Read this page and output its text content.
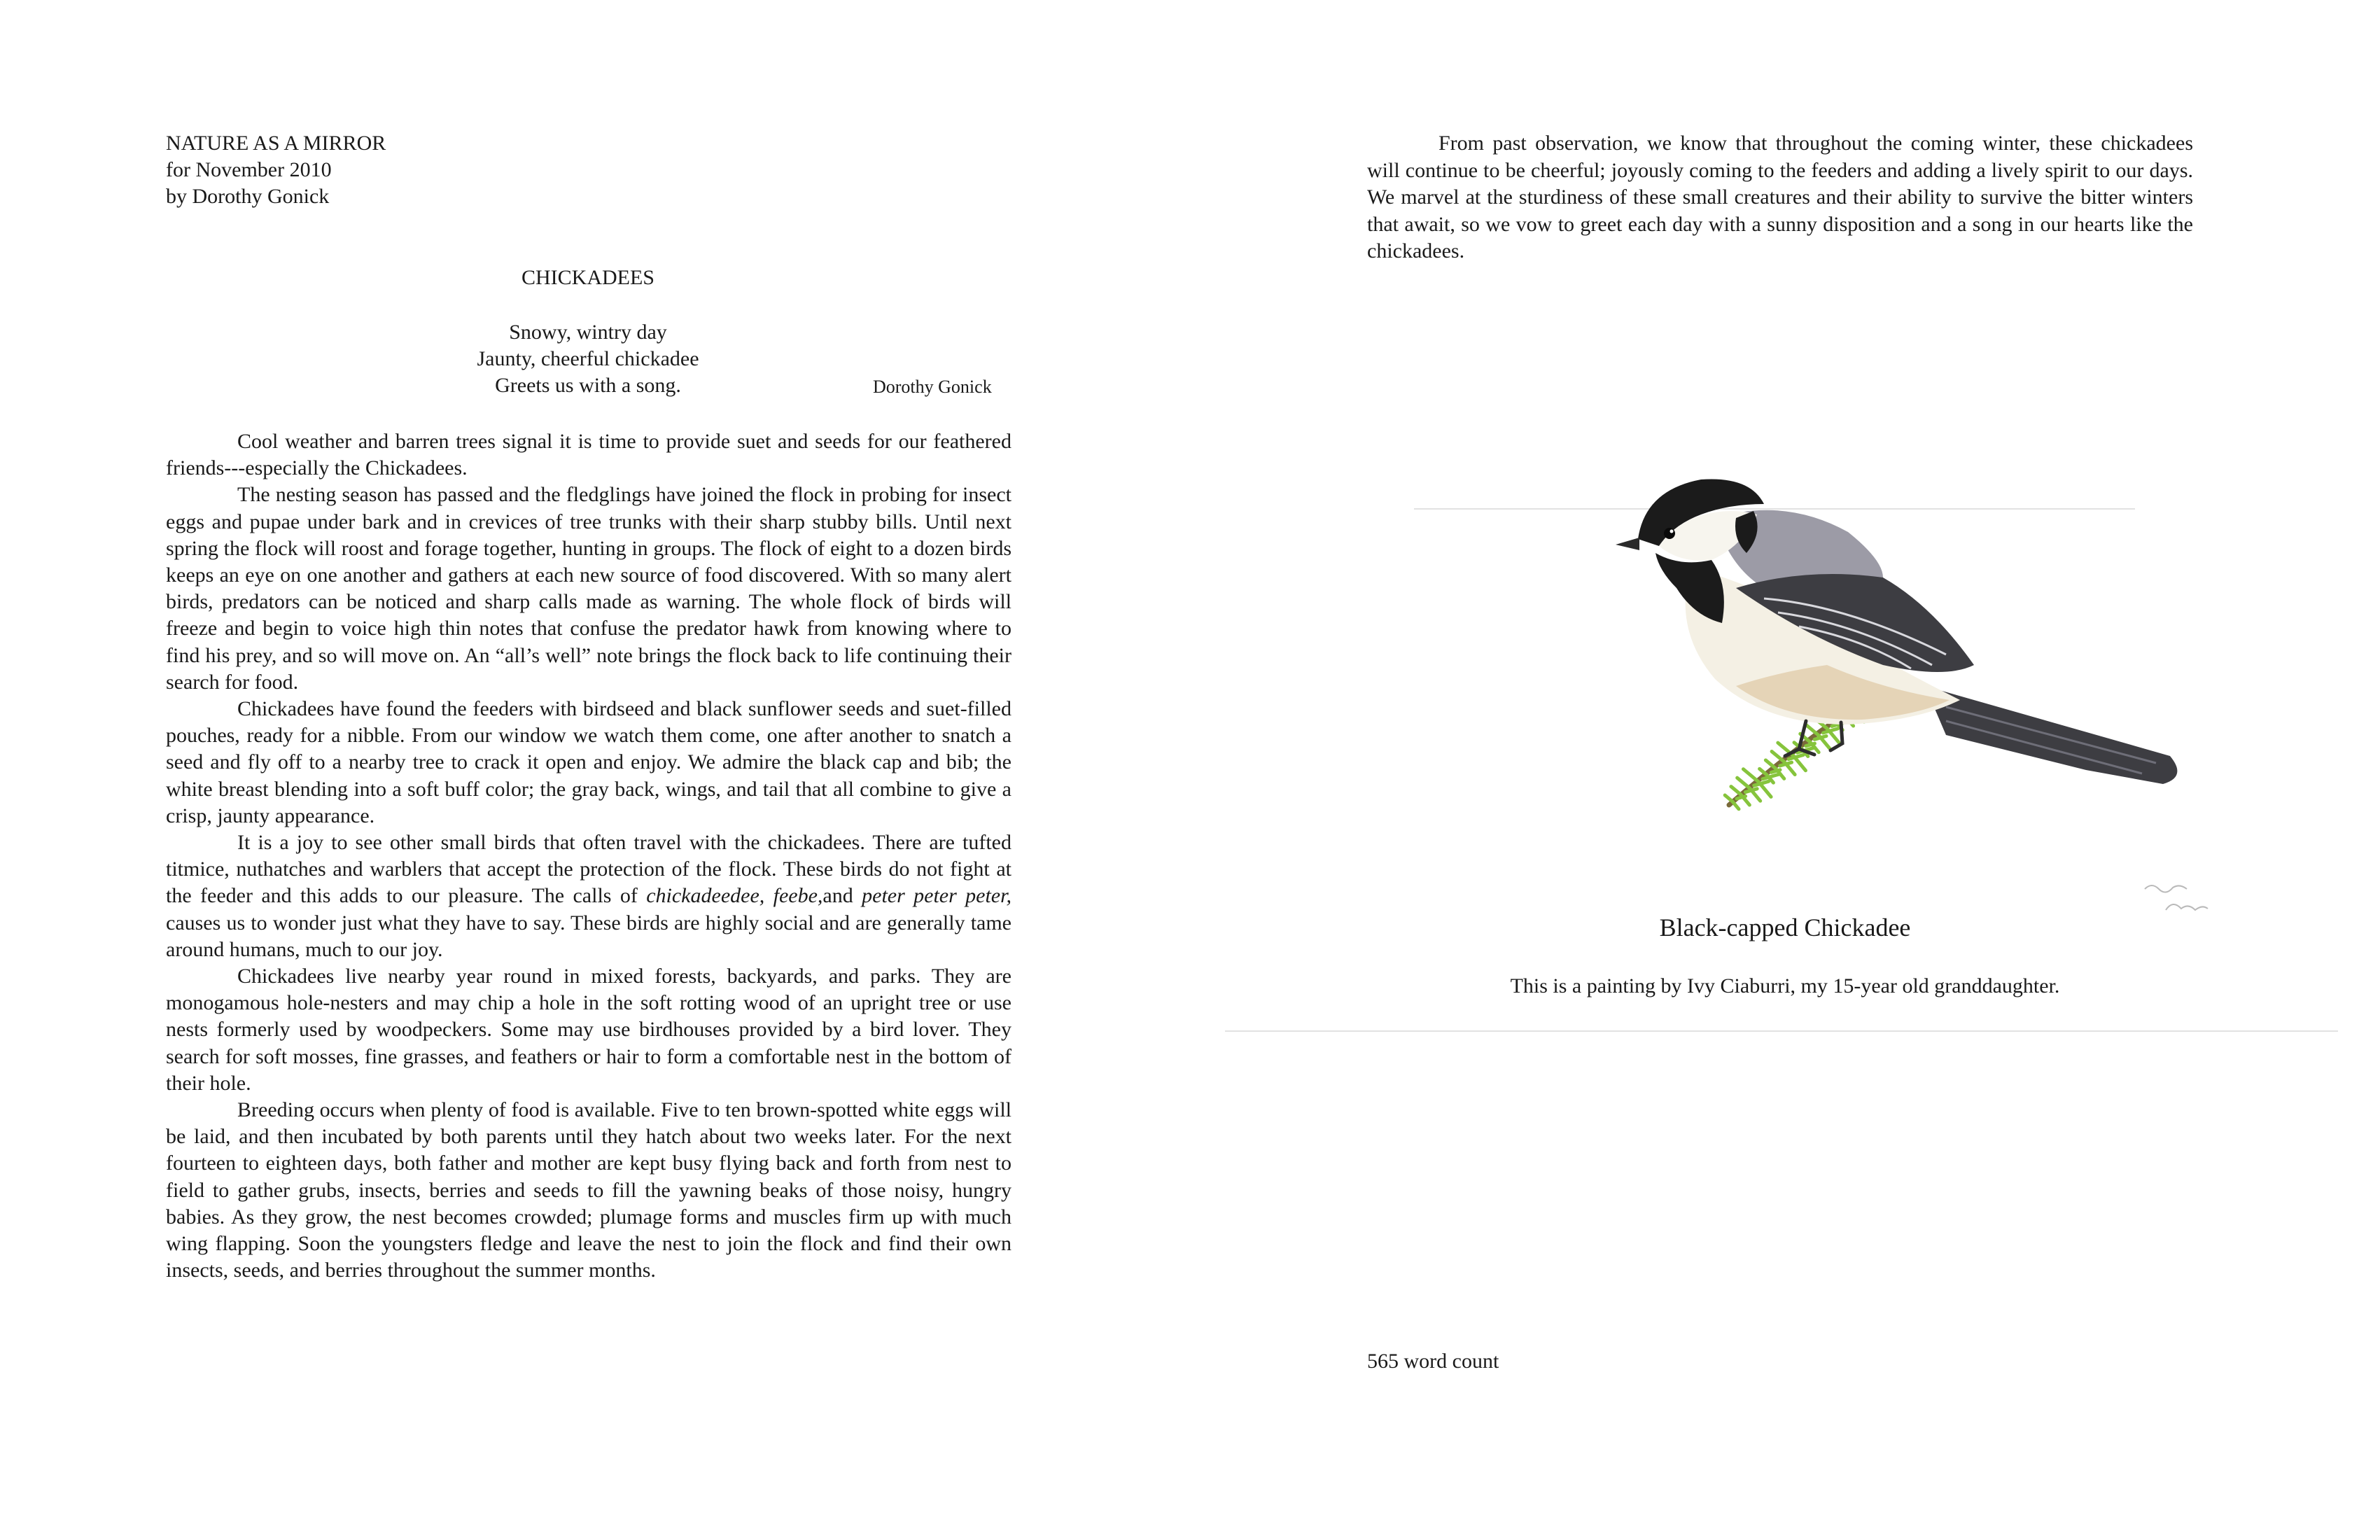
NATURE AS A MIRROR
for November 2010
by Dorothy Gonick
CHICKADEES
Snowy, wintry day
Jaunty, cheerful chickadee
Greets us with a song.	Dorothy Gonick

Cool weather and barren trees signal it is time to provide suet and seeds for our feathered friends---especially the Chickadees.

The nesting season has passed and the fledglings have joined the flock in probing for insect eggs and pupae under bark and in crevices of tree trunks with their sharp stubby bills. Until next spring the flock will roost and forage together, hunting in groups. The flock of eight to a dozen birds keeps an eye on one another and gathers at each new source of food discovered. With so many alert birds, predators can be noticed and sharp calls made as warning. The whole flock of birds will freeze and begin to voice high thin notes that confuse the predator hawk from knowing where to find his prey, and so will move on. An “all’s well” note brings the flock back to life continuing their search for food.

Chickadees have found the feeders with birdseed and black sunflower seeds and suet-filled pouches, ready for a nibble. From our window we watch them come, one after another to snatch a seed and fly off to a nearby tree to crack it open and enjoy. We admire the black cap and bib; the white breast blending into a soft buff color; the gray back, wings, and tail that all combine to give a crisp, jaunty appearance.

It is a joy to see other small birds that often travel with the chickadees. There are tufted titmice, nuthatches and warblers that accept the protection of the flock. These birds do not fight at the feeder and this adds to our pleasure. The calls of chickadeedee, feebe,and peter peter peter, causes us to wonder just what they have to say. These birds are highly social and are generally tame around humans, much to our joy.

Chickadees live nearby year round in mixed forests, backyards, and parks. They are monogamous hole-nesters and may chip a hole in the soft rotting wood of an upright tree or use nests formerly used by woodpeckers. Some may use birdhouses provided by a bird lover. They search for soft mosses, fine grasses, and feathers or hair to form a comfortable nest in the bottom of their hole.

Breeding occurs when plenty of food is available. Five to ten brown-spotted white eggs will be laid, and then incubated by both parents until they hatch about two weeks later. For the next fourteen to eighteen days, both father and mother are kept busy flying back and forth from nest to field to gather grubs, insects, berries and seeds to fill the yawning beaks of those noisy, hungry babies. As they grow, the nest becomes crowded; plumage forms and muscles firm up with much wing flapping. Soon the youngsters fledge and leave the nest to join the flock and find their own insects, seeds, and berries throughout the summer months.

From past observation, we know that throughout the coming winter, these chickadees will continue to be cheerful; joyously coming to the feeders and adding a lively spirit to our days. We marvel at the sturdiness of these small creatures and their ability to survive the bitter winters that await, so we vow to greet each day with a sunny disposition and a song in our hearts like the chickadees.

Black-capped Chickadee
This is a painting by Ivy Ciaburri, my 15-year old granddaughter.
565 word count
